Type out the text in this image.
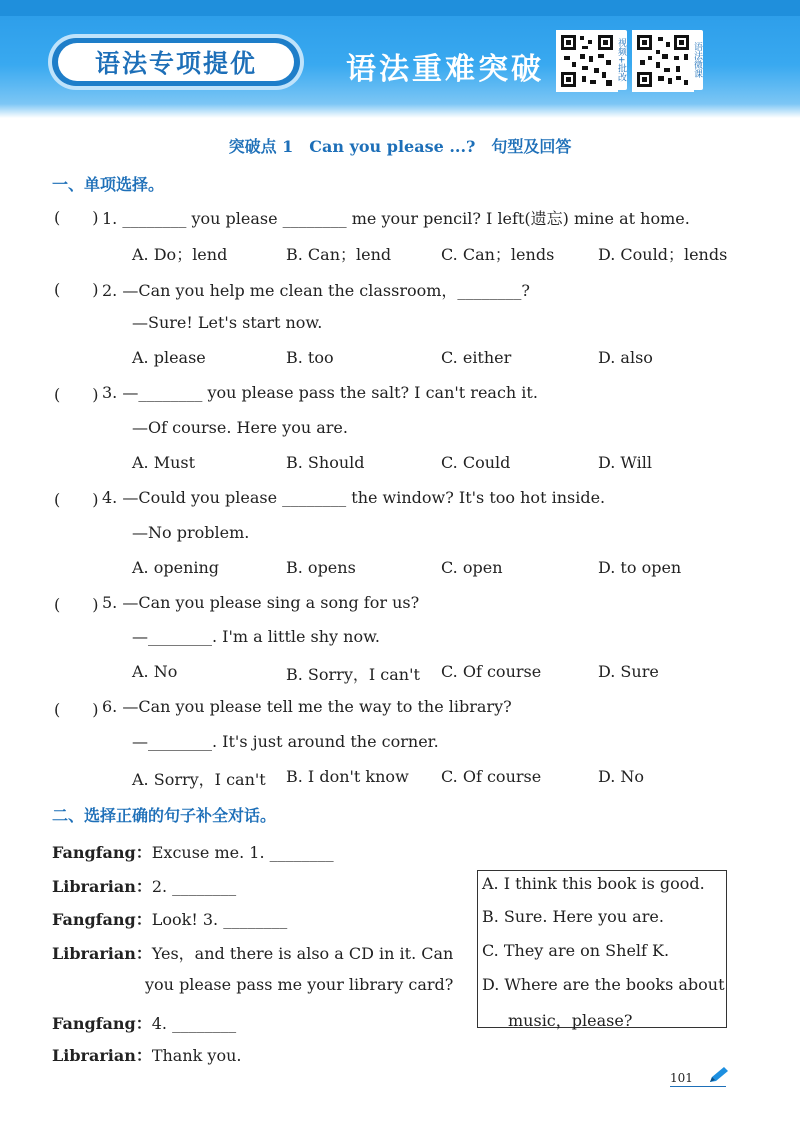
语法专项提优	语法重难突破	视频+批改	语法微课
突破点 1　Can you please ...?　句型及回答
一、单项选择。
(　　) 1. ________ you please ________ me your pencil? I left(遗忘) mine at home.
A. Do；lend	B. Can；lend	C. Can；lends	D. Could；lends
(　　) 2. —Can you help me clean the classroom，________?
—Sure! Let's start now.
A. please	B. too	C. either	D. also
(　　) 3. —________ you please pass the salt? I can't reach it.
—Of course. Here you are.
A. Must	B. Should	C. Could	D. Will
(　　) 4. —Could you please ________ the window? It's too hot inside.
—No problem.
A. opening	B. opens	C. open	D. to open
(　　) 5. —Can you please sing a song for us?
—________. I'm a little shy now.
A. No	B. Sorry，I can't C. Of course	D. Sure
(　　) 6. —Can you please tell me the way to the library?
—________. It's just around the corner.
A. Sorry，I can't B. I don't know C. Of course	D. No
二、选择正确的句子补全对话。
Fangfang：Excuse me. 1. ________
Librarian：2. ________
Fangfang：Look! 3. ________
Librarian：Yes，and there is also a CD in it. Can
you please pass me your library card?
Fangfang：4. ________
Librarian：Thank you.
A. I think this book is good.
B. Sure. Here you are.
C. They are on Shelf K.
D. Where are the books about
music，please?
101
